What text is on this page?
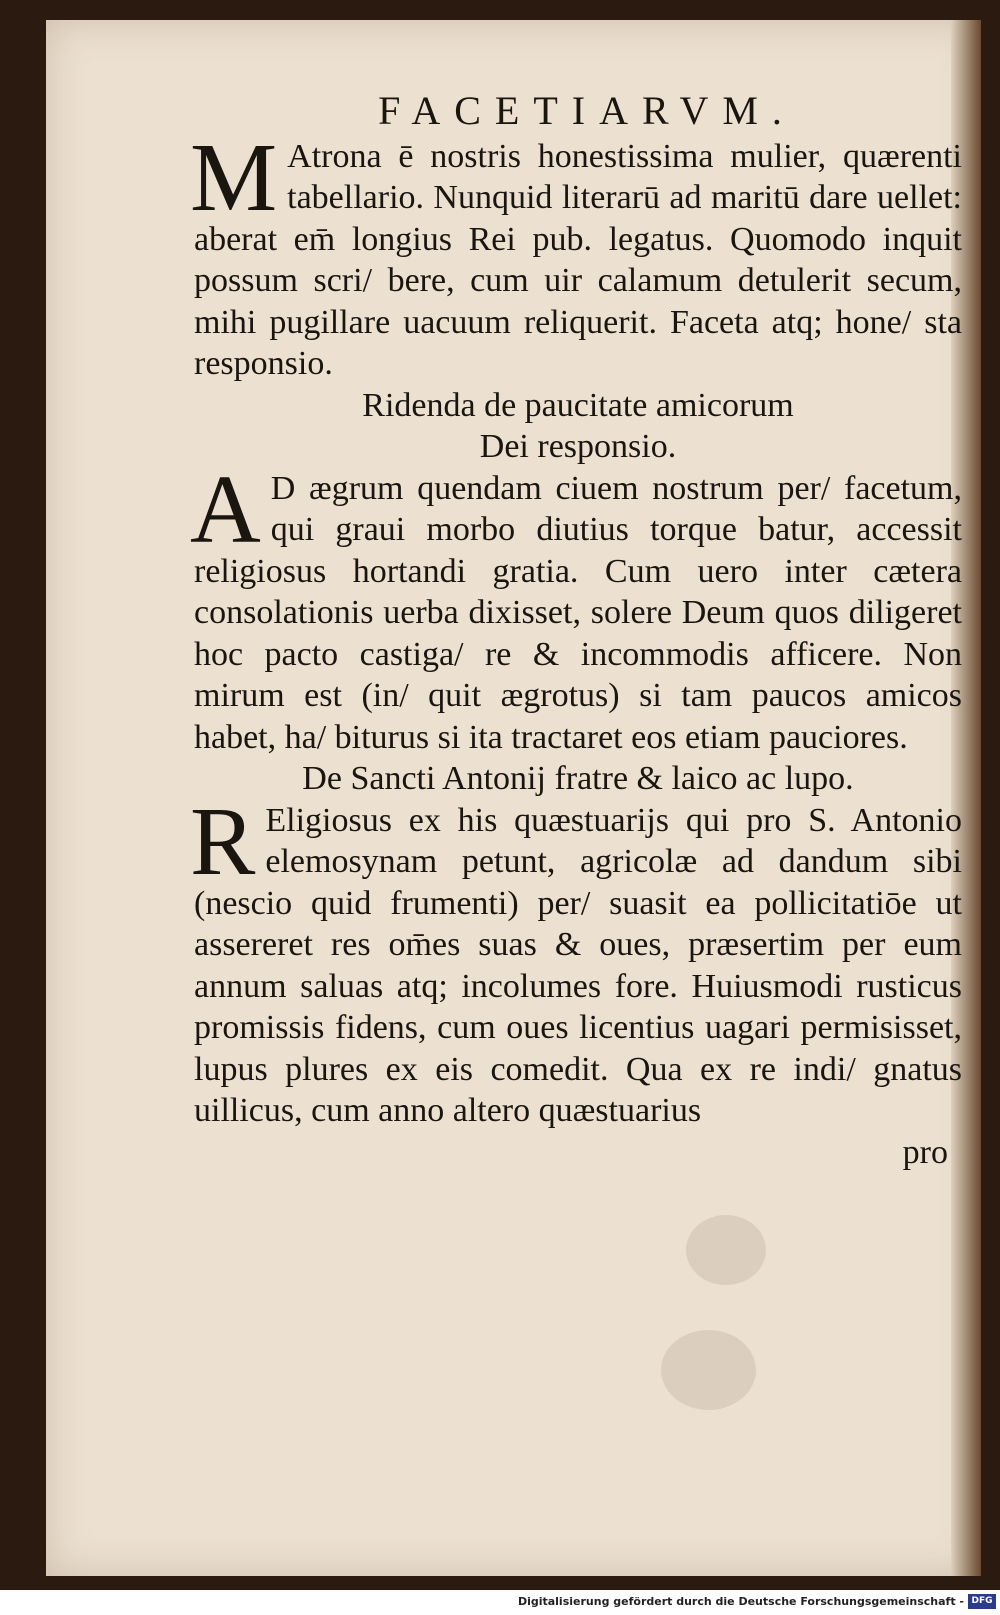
FACETIARVM.

M Atrona ē nostris honestissima mulier, quærenti tabellario. Nunquid literarū ad maritū dare uellet: aberat em̄ longius Rei pub. legatus. Quomodo inquit possum scri/ bere, cum uir calamum detulerit secum, mihi pugillare uacuum reliquerit. Faceta atq; hone/ sta responsio.

Ridenda de paucitate amicorum
Dei responsio.

A D ægrum quendam ciuem nostrum per/ facetum, qui graui morbo diutius torque batur, accessit religiosus hortandi gratia. Cum uero inter cætera consolationis uerba dixisset, solere Deum quos diligeret hoc pacto castiga/ re & incommodis afficere. Non mirum est (in/ quit ægrotus) si tam paucos amicos habet, ha/ biturus si ita tractaret eos etiam pauciores.

De Sancti Antonij fratre & laico ac lupo.

R Eligiosus ex his quæstuarijs qui pro S. Antonio elemosynam petunt, agricolæ ad dandum sibi (nescio quid frumenti) per/ suasit ea pollicitatiōe ut assereret res om̄es suas & oues, præsertim per eum annum saluas atq; incolumes fore. Huiusmodi rusticus promissis fidens, cum oues licentius uagari permisisset, lupus plures ex eis comedit. Qua ex re indi/ gnatus uillicus, cum anno altero quæstuarius

pro

Digitalisierung gefördert durch die Deutsche Forschungsgemeinschaft - DFG
